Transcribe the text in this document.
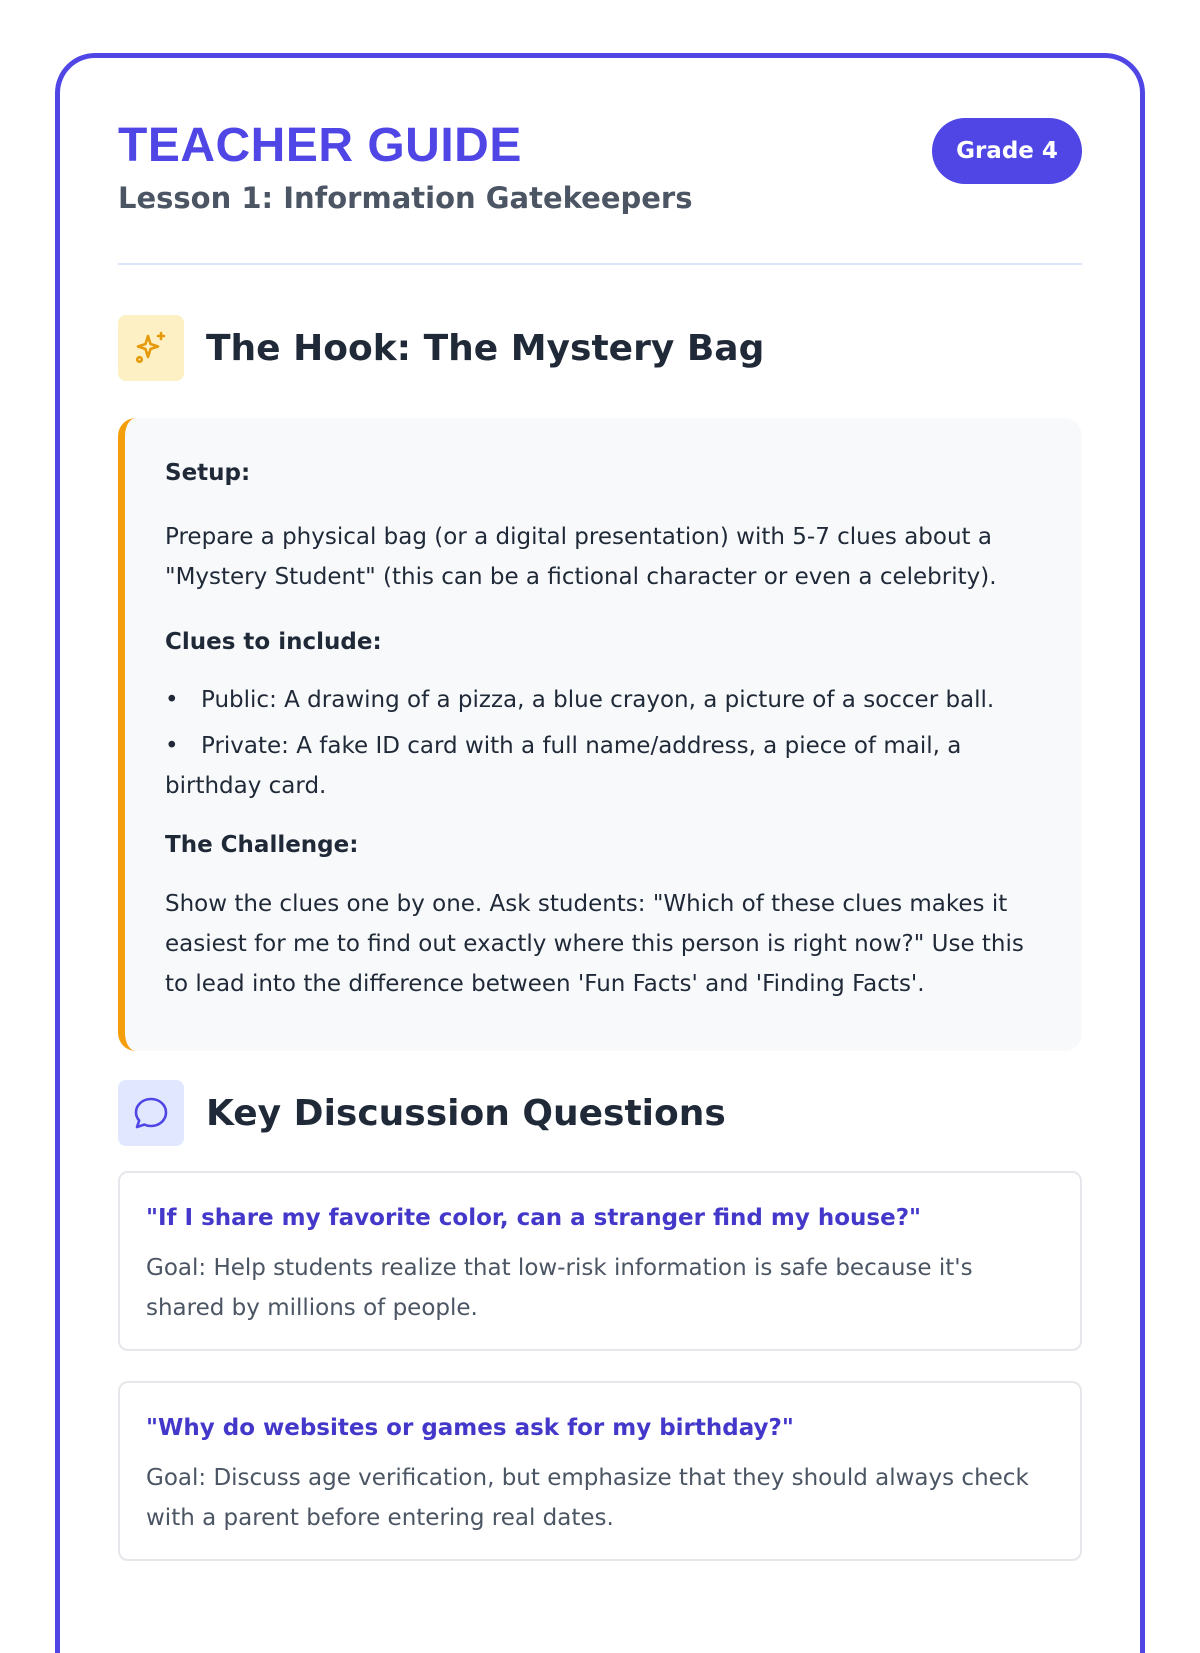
TEACHER GUIDE
Lesson 1: Information Gatekeepers
Grade 4
The Hook: The Mystery Bag
Setup:
Prepare a physical bag (or a digital presentation) with 5-7 clues about a "Mystery Student" (this can be a fictional character or even a celebrity).
Clues to include:
• Public: A drawing of a pizza, a blue crayon, a picture of a soccer ball.
• Private: A fake ID card with a full name/address, a piece of mail, a birthday card.
The Challenge:
Show the clues one by one. Ask students: "Which of these clues makes it easiest for me to find out exactly where this person is right now?" Use this to lead into the difference between 'Fun Facts' and 'Finding Facts'.
Key Discussion Questions

"If I share my favorite color, can a stranger find my house?"

Goal: Help students realize that low-risk information is safe because it's shared by millions of people.

"Why do websites or games ask for my birthday?"

Goal: Discuss age verification, but emphasize that they should always check with a parent before entering real dates.
